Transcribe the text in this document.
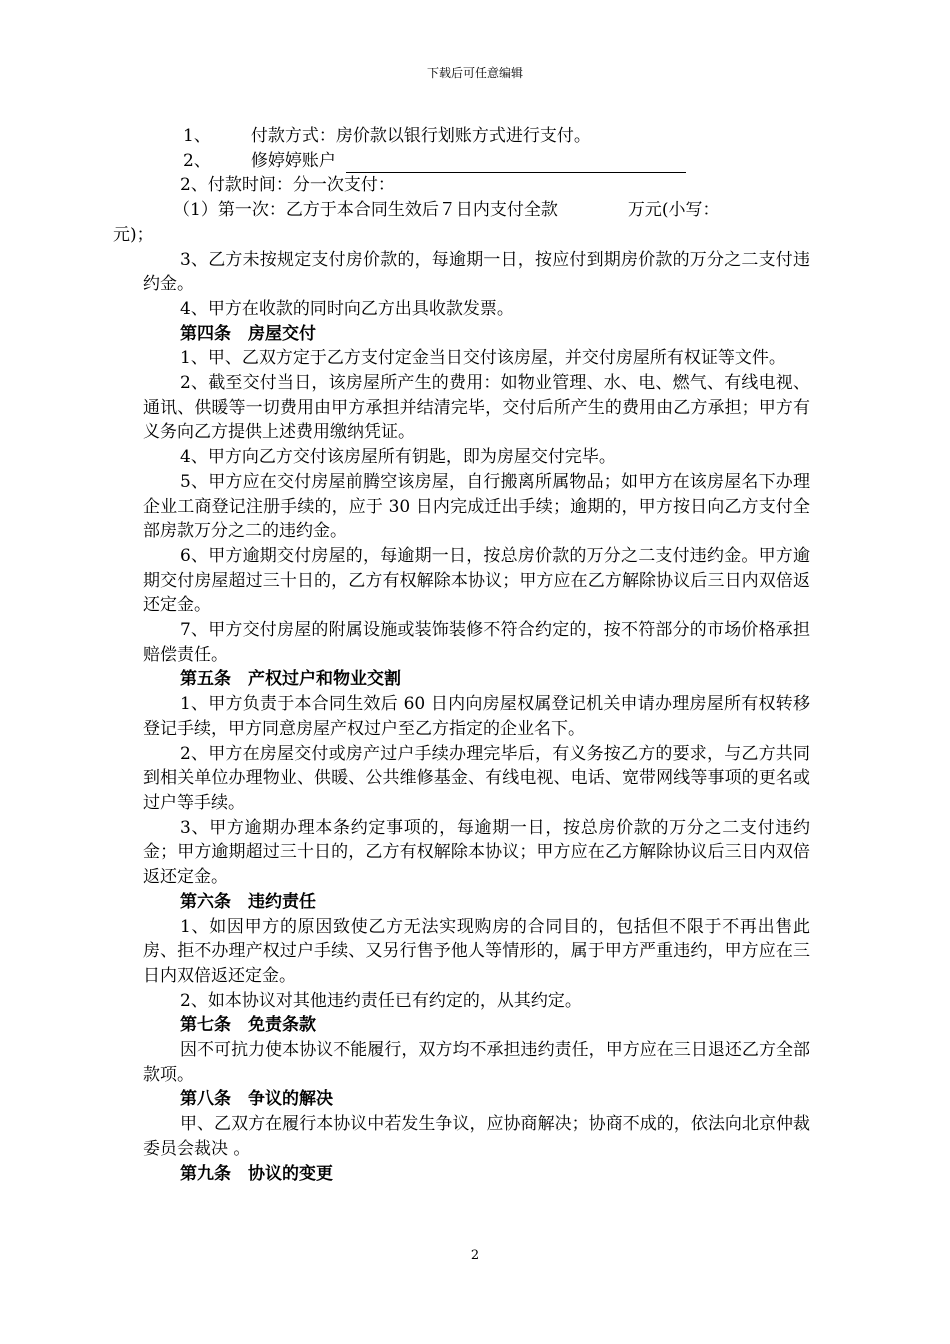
下载后可任意编辑

1、 付款方式：房价款以银行划账方式进行支付。

2、 修婷婷账户

2、付款时间：分一次支付：

（1）第一次：乙方于本合同生效后７日内支付全款	万元(小写：
元)；

3、乙方未按规定支付房价款的，每逾期一日，按应付到期房价款的万分之二支付违约金。

4、甲方在收款的同时向乙方出具收款发票。

第四条　房屋交付

1、甲、乙双方定于乙方支付定金当日交付该房屋，并交付房屋所有权证等文件。

2、截至交付当日，该房屋所产生的费用：如物业管理、水、电、燃气、有线电视、通讯、供暖等一切费用由甲方承担并结清完毕，交付后所产生的费用由乙方承担；甲方有义务向乙方提供上述费用缴纳凭证。

4、甲方向乙方交付该房屋所有钥匙，即为房屋交付完毕。

5、甲方应在交付房屋前腾空该房屋，自行搬离所属物品；如甲方在该房屋名下办理企业工商登记注册手续的，应于 30 日内完成迁出手续；逾期的，甲方按日向乙方支付全部房款万分之二的违约金。

6、甲方逾期交付房屋的，每逾期一日，按总房价款的万分之二支付违约金。甲方逾期交付房屋超过三十日的，乙方有权解除本协议；甲方应在乙方解除协议后三日内双倍返还定金。

7、甲方交付房屋的附属设施或装饰装修不符合约定的，按不符部分的市场价格承担赔偿责任。

第五条　产权过户和物业交割

1、甲方负责于本合同生效后 60 日内向房屋权属登记机关申请办理房屋所有权转移登记手续，甲方同意房屋产权过户至乙方指定的企业名下。

2、甲方在房屋交付或房产过户手续办理完毕后，有义务按乙方的要求，与乙方共同到相关单位办理物业、供暖、公共维修基金、有线电视、电话、宽带网线等事项的更名或过户等手续。

3、甲方逾期办理本条约定事项的，每逾期一日，按总房价款的万分之二支付违约金；甲方逾期超过三十日的，乙方有权解除本协议；甲方应在乙方解除协议后三日内双倍返还定金。

第六条　违约责任

1、如因甲方的原因致使乙方无法实现购房的合同目的，包括但不限于不再出售此房、拒不办理产权过户手续、又另行售予他人等情形的，属于甲方严重违约，甲方应在三日内双倍返还定金。

2、如本协议对其他违约责任已有约定的，从其约定。

第七条　免责条款

因不可抗力使本协议不能履行，双方均不承担违约责任，甲方应在三日退还乙方全部款项。

第八条　争议的解决

甲、乙双方在履行本协议中若发生争议，应协商解决；协商不成的，依法向北京仲裁委员会裁决 。

第九条　协议的变更

2
